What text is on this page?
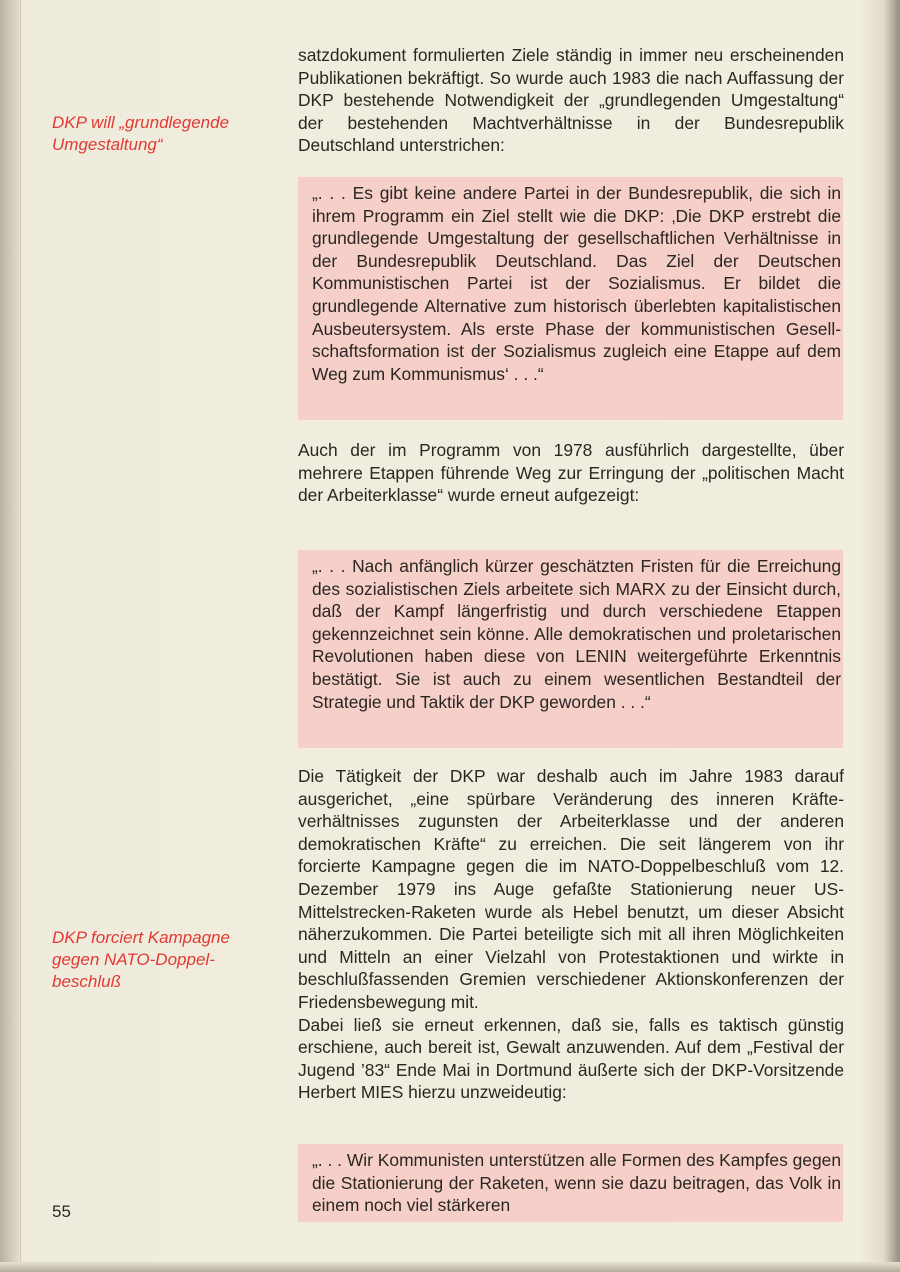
DKP will „grundlegende Umgestaltung“
DKP forciert Kampagne gegen NATO-Doppelbeschluß

satzdokument formulierten Ziele ständig in immer neu erscheinenden Publikationen bekräftigt. So wurde auch 1983 die nach Auffassung der DKP bestehende Notwendigkeit der „grundlegenden Umgestaltung“ der bestehenden Machtverhältnisse in der Bundesrepublik Deutschland unterstrichen:

„. . . Es gibt keine andere Partei in der Bundesrepublik, die sich in ihrem Programm ein Ziel stellt wie die DKP: ‚Die DKP erstrebt die grundlegende Umgestaltung der gesellschaftlichen Verhältnisse in der Bundesrepublik Deutschland. Das Ziel der Deutschen Kommunistischen Partei ist der Sozialismus. Er bildet die grundlegende Alternative zum historisch überlebten kapitalistischen Ausbeutersystem. Als erste Phase der kommunistischen Gesellschaftsformation ist der Sozialismus zugleich eine Etappe auf dem Weg zum Kommunismus‘ . . .“

Auch der im Programm von 1978 ausführlich dargestellte, über mehrere Etappen führende Weg zur Erringung der „politischen Macht der Arbeiterklasse“ wurde erneut aufgezeigt:

„. . . Nach anfänglich kürzer geschätzten Fristen für die Erreichung des sozialistischen Ziels arbeitete sich MARX zu der Einsicht durch, daß der Kampf längerfristig und durch verschiedene Etappen gekennzeichnet sein könne. Alle demokratischen und proletarischen Revolutionen haben diese von LENIN weitergeführte Erkenntnis bestätigt. Sie ist auch zu einem wesentlichen Bestandteil der Strategie und Taktik der DKP geworden . . .“

Die Tätigkeit der DKP war deshalb auch im Jahre 1983 darauf ausgerichet, „eine spürbare Veränderung des inneren Kräfteverhältnisses zugunsten der Arbeiterklasse und der anderen demokratischen Kräfte“ zu erreichen. Die seit längerem von ihr forcierte Kampagne gegen die im NATO-Doppelbeschluß vom 12. Dezember 1979 ins Auge gefaßte Stationierung neuer US-Mittelstrecken-Raketen wurde als Hebel benutzt, um dieser Absicht näherzukommen. Die Partei beteiligte sich mit all ihren Möglichkeiten und Mitteln an einer Vielzahl von Protestaktionen und wirkte in beschlußfassenden Gremien verschiedener Aktionskonferenzen der Friedensbewegung mit.

Dabei ließ sie erneut erkennen, daß sie, falls es taktisch günstig erschiene, auch bereit ist, Gewalt anzuwenden. Auf dem „Festival der Jugend ’83“ Ende Mai in Dortmund äußerte sich der DKP-Vorsitzende Herbert MIES hierzu unzweideutig:

„. . . Wir Kommunisten unterstützen alle Formen des Kampfes gegen die Stationierung der Raketen, wenn sie dazu beitragen, das Volk in einem noch viel stärkeren
55
